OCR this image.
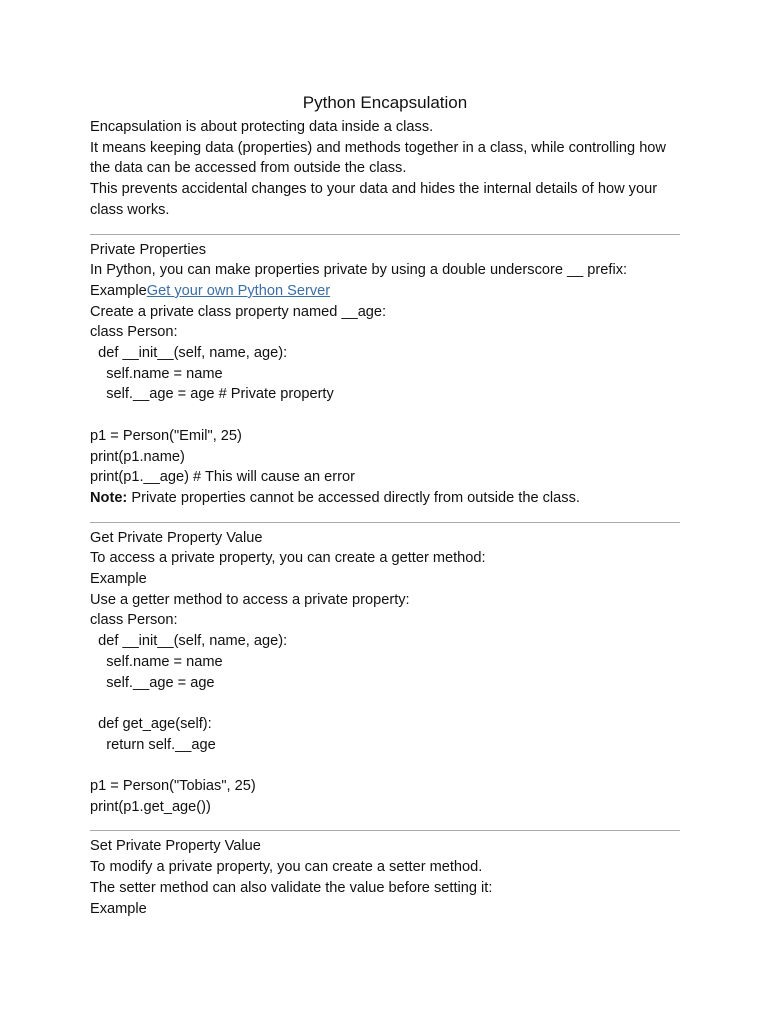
Python Encapsulation
Encapsulation is about protecting data inside a class.
It means keeping data (properties) and methods together in a class, while controlling how the data can be accessed from outside the class.
This prevents accidental changes to your data and hides the internal details of how your class works.
Private Properties
In Python, you can make properties private by using a double underscore __ prefix:
ExampleGet your own Python Server
Create a private class property named __age:
class Person:
def __init__(self, name, age):
self.name = name
self.__age = age # Private property
p1 = Person("Emil", 25)
print(p1.name)
print(p1.__age) # This will cause an error
Note: Private properties cannot be accessed directly from outside the class.
Get Private Property Value
To access a private property, you can create a getter method:
Example
Use a getter method to access a private property:
class Person:
def __init__(self, name, age):
self.name = name
self.__age = age
def get_age(self):
return self.__age
p1 = Person("Tobias", 25)
print(p1.get_age())
Set Private Property Value
To modify a private property, you can create a setter method.
The setter method can also validate the value before setting it:
Example
